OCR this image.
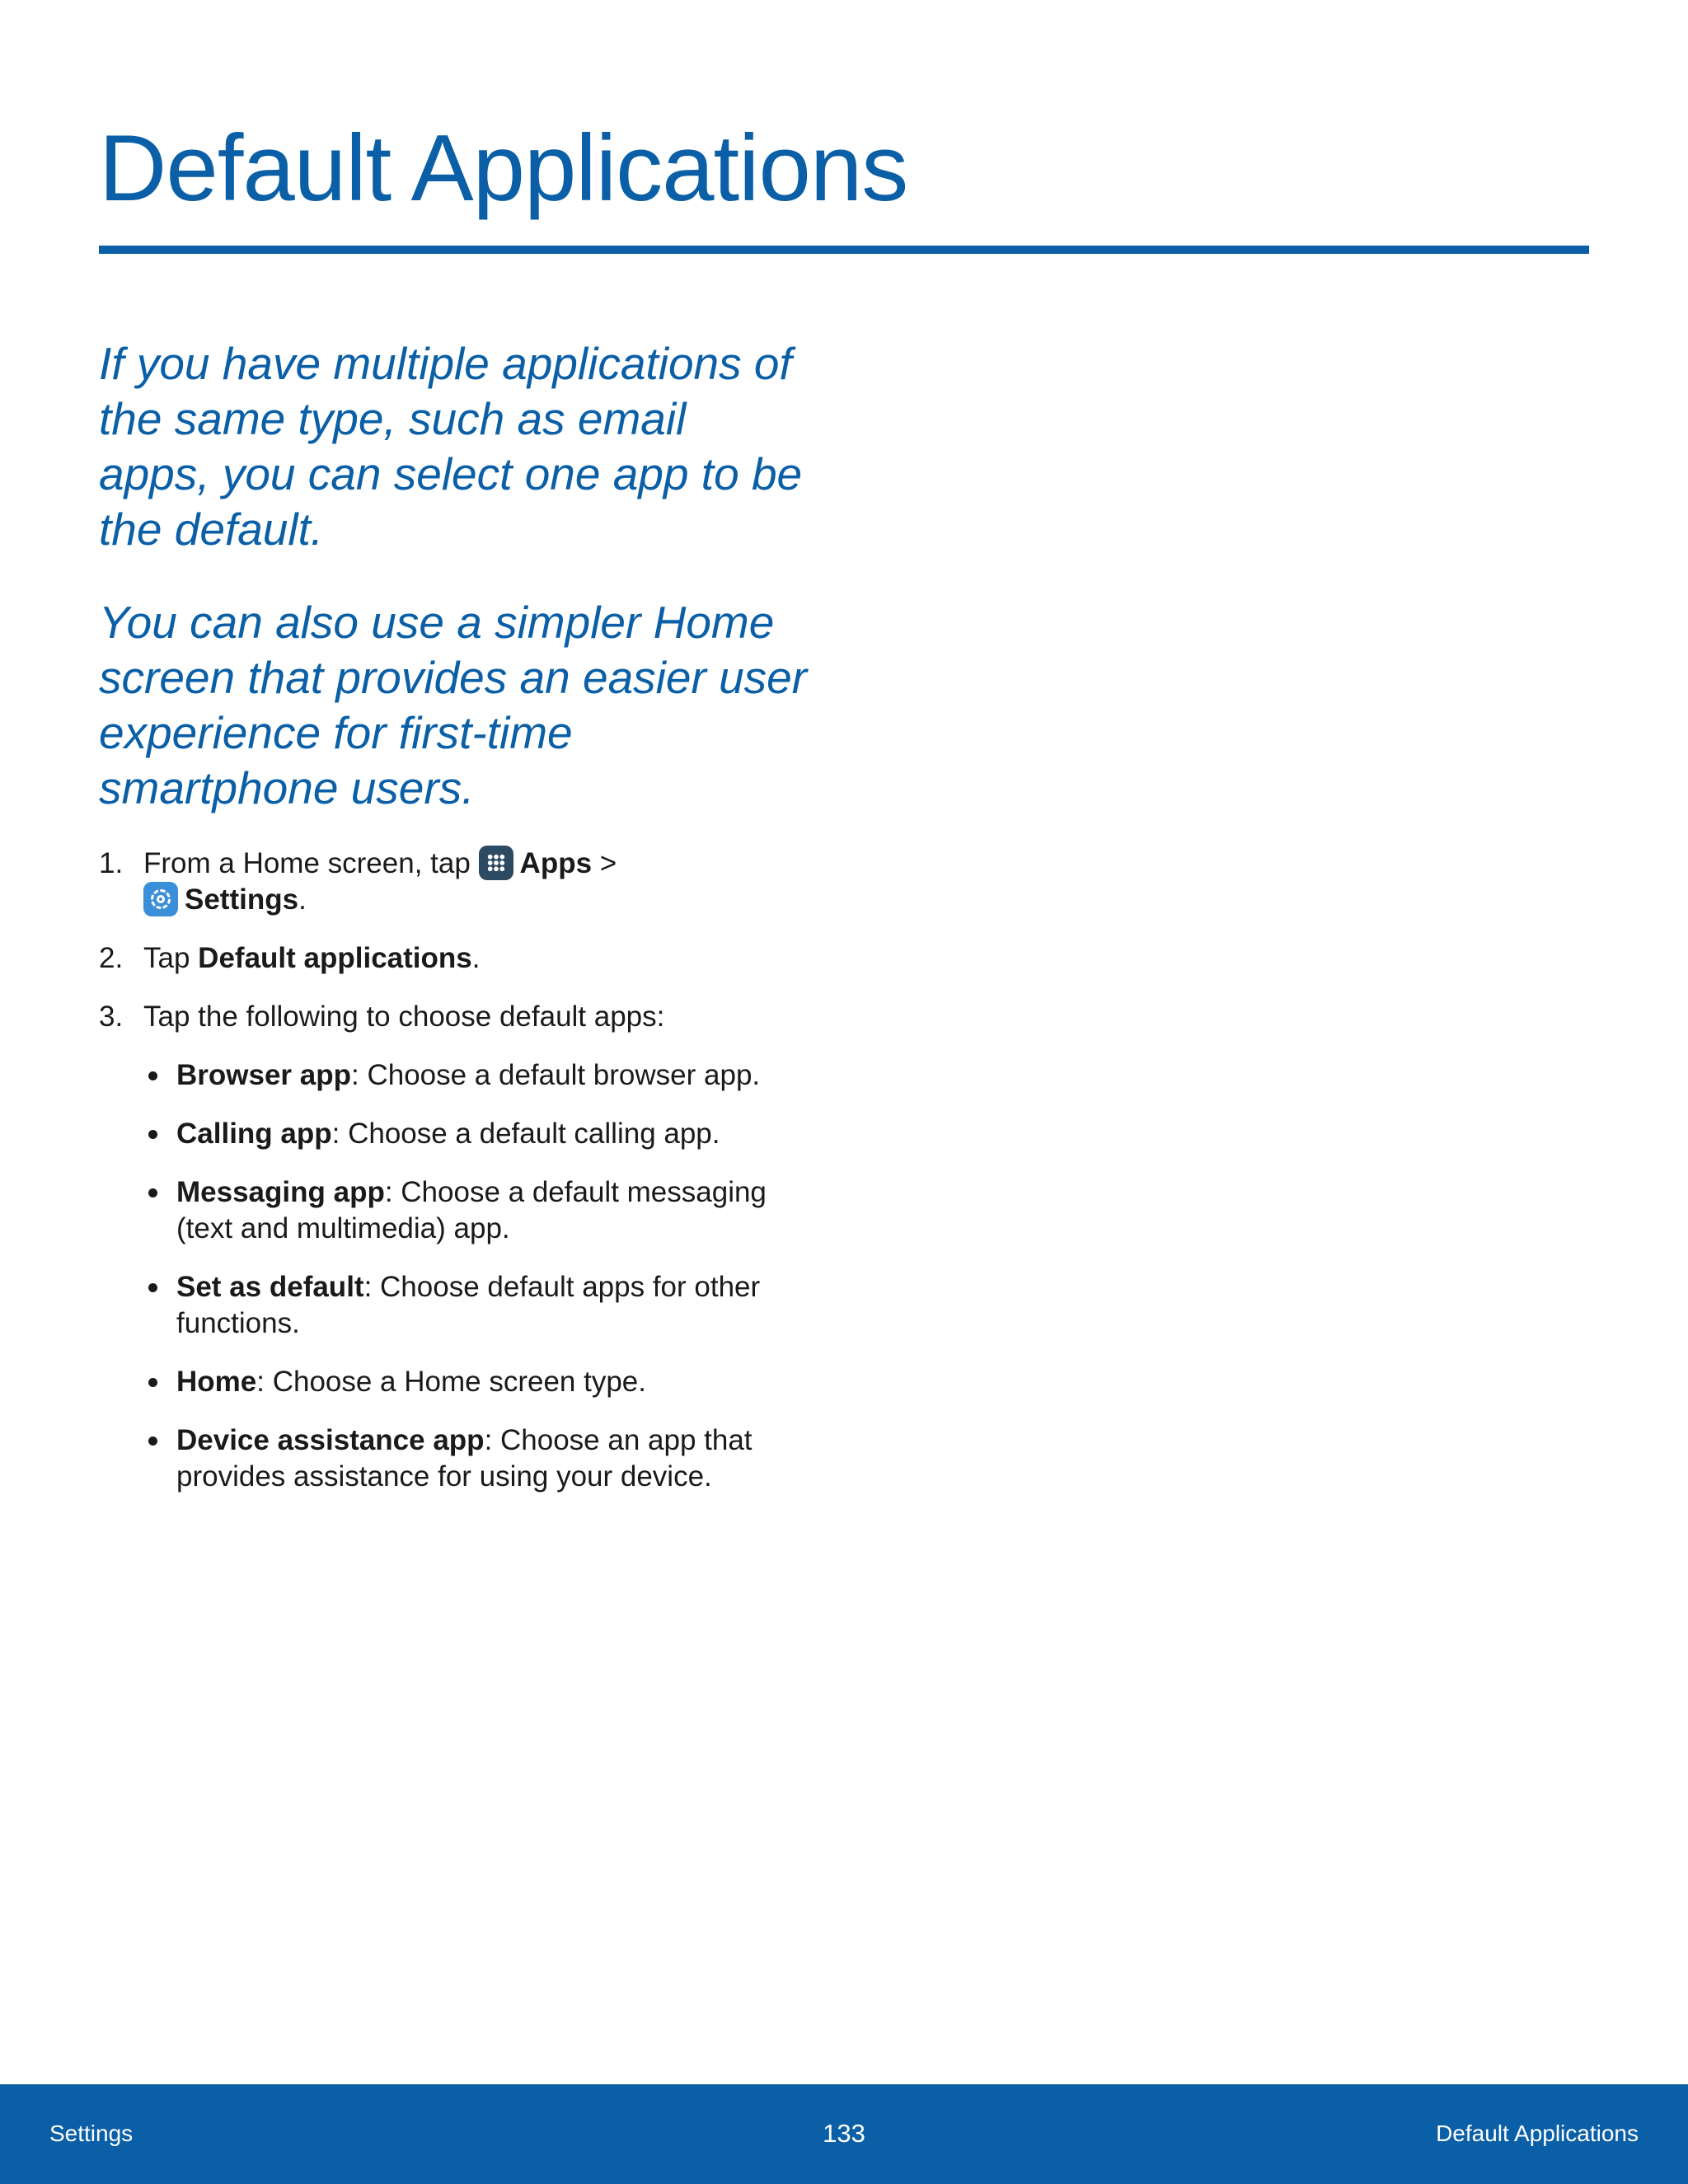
Default Applications
If you have multiple applications of the same type, such as email apps, you can select one app to be the default.
You can also use a simpler Home screen that provides an easier user experience for first-time smartphone users.
1. From a Home screen, tap Apps >

Settings.
2. Tap Default applications.
3. Tap the following to choose default apps:
Browser app: Choose a default browser app.
Calling app: Choose a default calling app.
Messaging app: Choose a default messaging (text and multimedia) app.
Set as default: Choose default apps for other functions.
Home: Choose a Home screen type.
Device assistance app: Choose an app that provides assistance for using your device.
Settings	133	Default Applications
